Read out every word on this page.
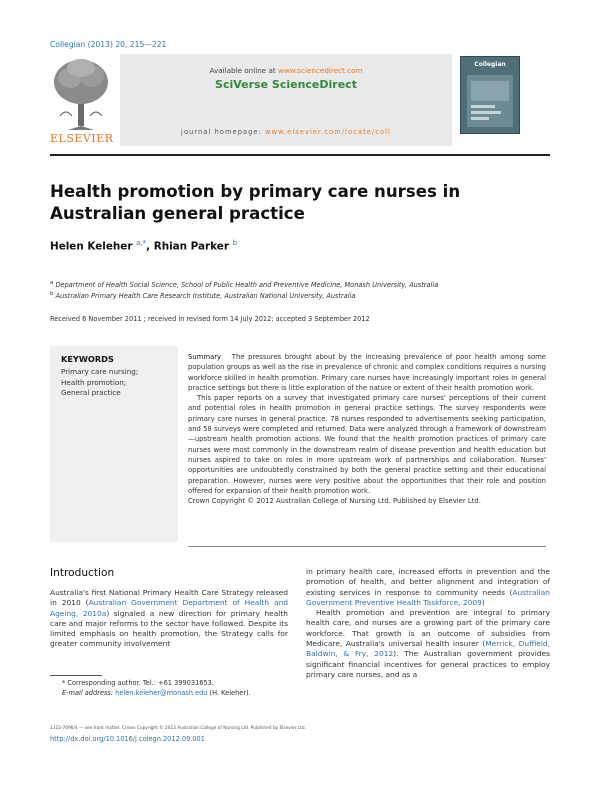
Collegian (2013) 20, 215—221
ELSEVIER
Available online at www.sciencedirect.com
SciVerse ScienceDirect
journal homepage: www.elsevier.com/locate/coll
Collegian
Health promotion by primary care nurses in Australian general practice
Helen Keleher $^{a,*}$, Rhian Parker $^b$
$^a$ Department of Health Social Science, School of Public Health and Preventive Medicine, Monash University, Australia
$^b$ Australian Primary Health Care Research Institute, Australian National University, Australia
Received 6 November 2011 ; received in revised form 14 July 2012; accepted 3 September 2012
KEYWORDS
Primary care nursing;
Health promotion;
General practice

Summary The pressures brought about by the increasing prevalence of poor health among some population groups as well as the rise in prevalence of chronic and complex conditions requires a nursing workforce skilled in health promotion. Primary care nurses have increasingly important roles in general practice settings but there is little exploration of the nature or extent of their health promotion work.

This paper reports on a survey that investigated primary care nurses' perceptions of their current and potential roles in health promotion in general practice settings. The survey respondents were primary care nurses in general practice. 78 nurses responded to advertisements seeking participation, and 58 surveys were completed and returned. Data were analyzed through a framework of downstream—upstream health promotion actions. We found that the health promotion practices of primary care nurses were most commonly in the downstream realm of disease prevention and health education but nurses aspired to take on roles in more upstream work of partnerships and collaboration. Nurses' opportunities are undoubtedly constrained by both the general practice setting and their educational preparation. However, nurses were very positive about the opportunities that their role and position offered for expansion of their health promotion work.

Crown Copyright © 2012 Australian College of Nursing Ltd. Published by Elsevier Ltd.

Introduction

Australia's first National Primary Health Care Strategy released in 2010 (Australian Government Department of Health and Ageing, 2010a) signaled a new direction for primary health care and major reforms to the sector have followed. Despite its limited emphasis on health promotion, the Strategy calls for greater community involvement

in primary health care, increased efforts in prevention and the promotion of health, and better alignment and integration of existing services in response to community needs (Australian Government Preventive Health Taskforce, 2009)

Health promotion and prevention are integral to primary health care, and nurses are a growing part of the primary care workforce. That growth is an outcome of subsidies from Medicare, Australia's universal health insurer (Merrick, Duffield, Baldwin, & Fry, 2012). The Australian government provides significant financial incentives for general practices to employ primary care nurses, and as a

* Corresponding author. Tel.: +61 399031653.
E-mail address: helen.keleher@monash.edu (H. Keleher).
1322-7696/$ — see front matter. Crown Copyright © 2013 Australian College of Nursing Ltd. Published by Elsevier Ltd.
http://dx.doi.org/10.1016/j.colegn.2012.09.001
